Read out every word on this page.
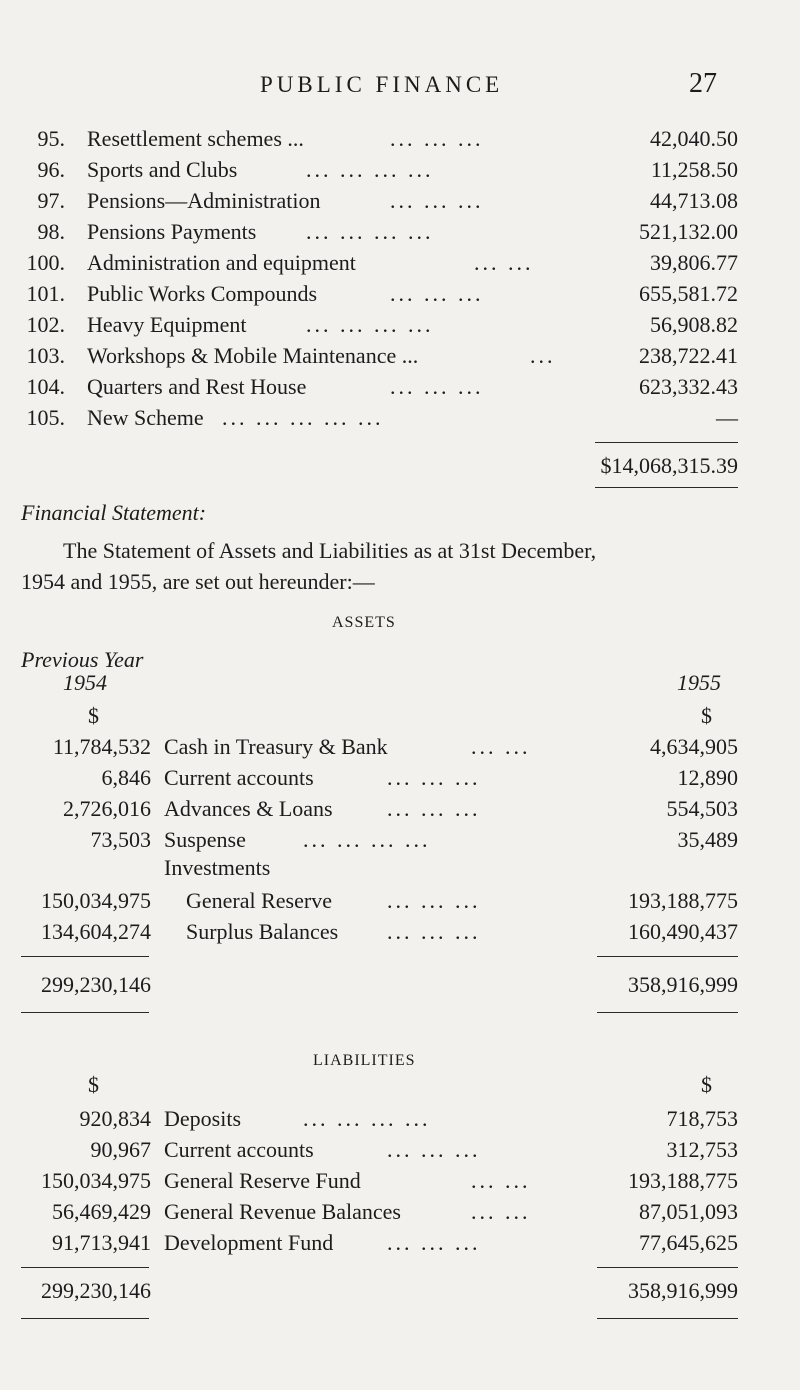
PUBLIC FINANCE	27
95. Resettlement schemes ...	... ... ...	42,040.50
96. Sports and Clubs	... ... ... ...	11,258.50
97. Pensions—Administration	... ... ...	44,713.08
98. Pensions Payments ... ... ... ...	521,132.00
100. Administration and equipment	... ...	39,806.77
101. Public Works Compounds	... ... ...	655,581.72
102. Heavy Equipment	... ... ... ...	56,908.82
103. Workshops & Mobile Maintenance ...	...	238,722.41
104. Quarters and Rest House	... ... ...	623,332.43
105. New Scheme ... ... ... ... ...	—
$14,068,315.39
Financial Statement:
The Statement of Assets and Liabilities as at 31st December,
1954 and 1955, are set out hereunder:—
ASSETS
Previous Year
1954	1955
$	$
11,784,532 Cash in Treasury & Bank	... ...	4,634,905
6,846 Current accounts	... ... ...	12,890
2,726,016 Advances & Loans ... ... ...	554,503
73,503 Suspense	... ... ... ...	35,489
Investments
150,034,975 General Reserve	... ... ...	193,188,775
134,604,274 Surplus Balances ... ... ...	160,490,437
299,230,146	358,916,999
LIABILITIES
$	$
920,834 Deposits	... ... ... ...	718,753
90,967 Current accounts	... ... ...	312,753
150,034,975 General Reserve Fund	... ...	193,188,775
56,469,429 General Revenue Balances	... ...	87,051,093
91,713,941 Development Fund ... ... ...	77,645,625
299,230,146	358,916,999
